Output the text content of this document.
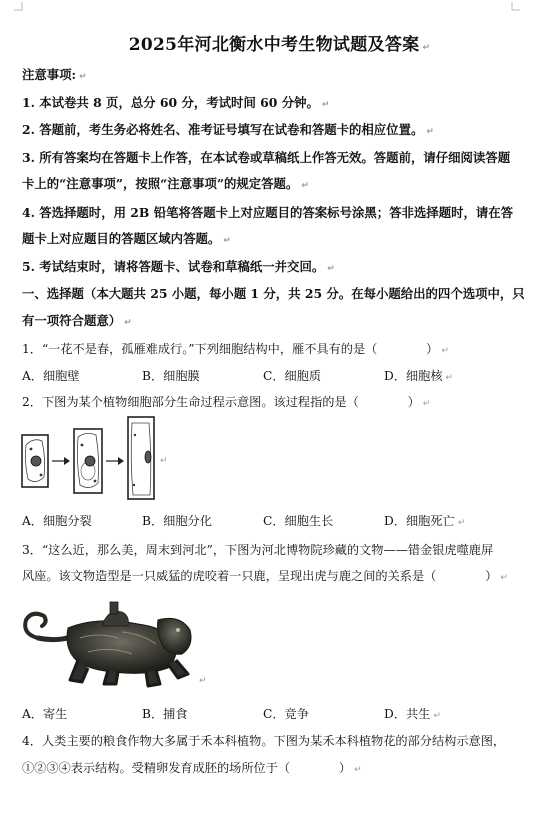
2025年河北衡水中考生物试题及答案 ↵
注意事项: ↵
1. 本试卷共 8 页，总分 60 分，考试时间 60 分钟。 ↵
2. 答题前，考生务必将姓名、准考证号填写在试卷和答题卡的相应位置。 ↵
3. 所有答案均在答题卡上作答，在本试卷或草稿纸上作答无效。答题前，请仔细阅读答题
卡上的“注意事项”，按照“注意事项”的规定答题。 ↵
4. 答选择题时，用 2B 铅笔将答题卡上对应题目的答案标号涂黑；答非选择题时，请在答
题卡上对应题目的答题区域内答题。 ↵
5. 考试结束时，请将答题卡、试卷和草稿纸一并交回。 ↵
一、选择题（本大题共 25 小题，每小题 1 分，共 25 分。在每小题给出的四个选项中，只
有一项符合题意） ↵
1．“一花不是春，孤雁难成行。”下列细胞结构中，雁不具有的是（　　　　） ↵
A．细胞壁	B．细胞膜	C．细胞质	D．细胞核 ↵
2．下图为某个植物细胞部分生命过程示意图。该过程指的是（　　　　） ↵
↵
A．细胞分裂	B．细胞分化	C．细胞生长	D．细胞死亡 ↵
3．“这么近，那么美，周末到河北”，下图为河北博物院珍藏的文物——错金银虎噬鹿屏
风座。该文物造型是一只威猛的虎咬着一只鹿，呈现出虎与鹿之间的关系是（　　　　） ↵
↵
A．寄生	B．捕食	C．竞争	D．共生 ↵
4．人类主要的粮食作物大多属于禾本科植物。下图为某禾本科植物花的部分结构示意图，
①②③④表示结构。受精卵发育成胚的场所位于（　　　　） ↵
